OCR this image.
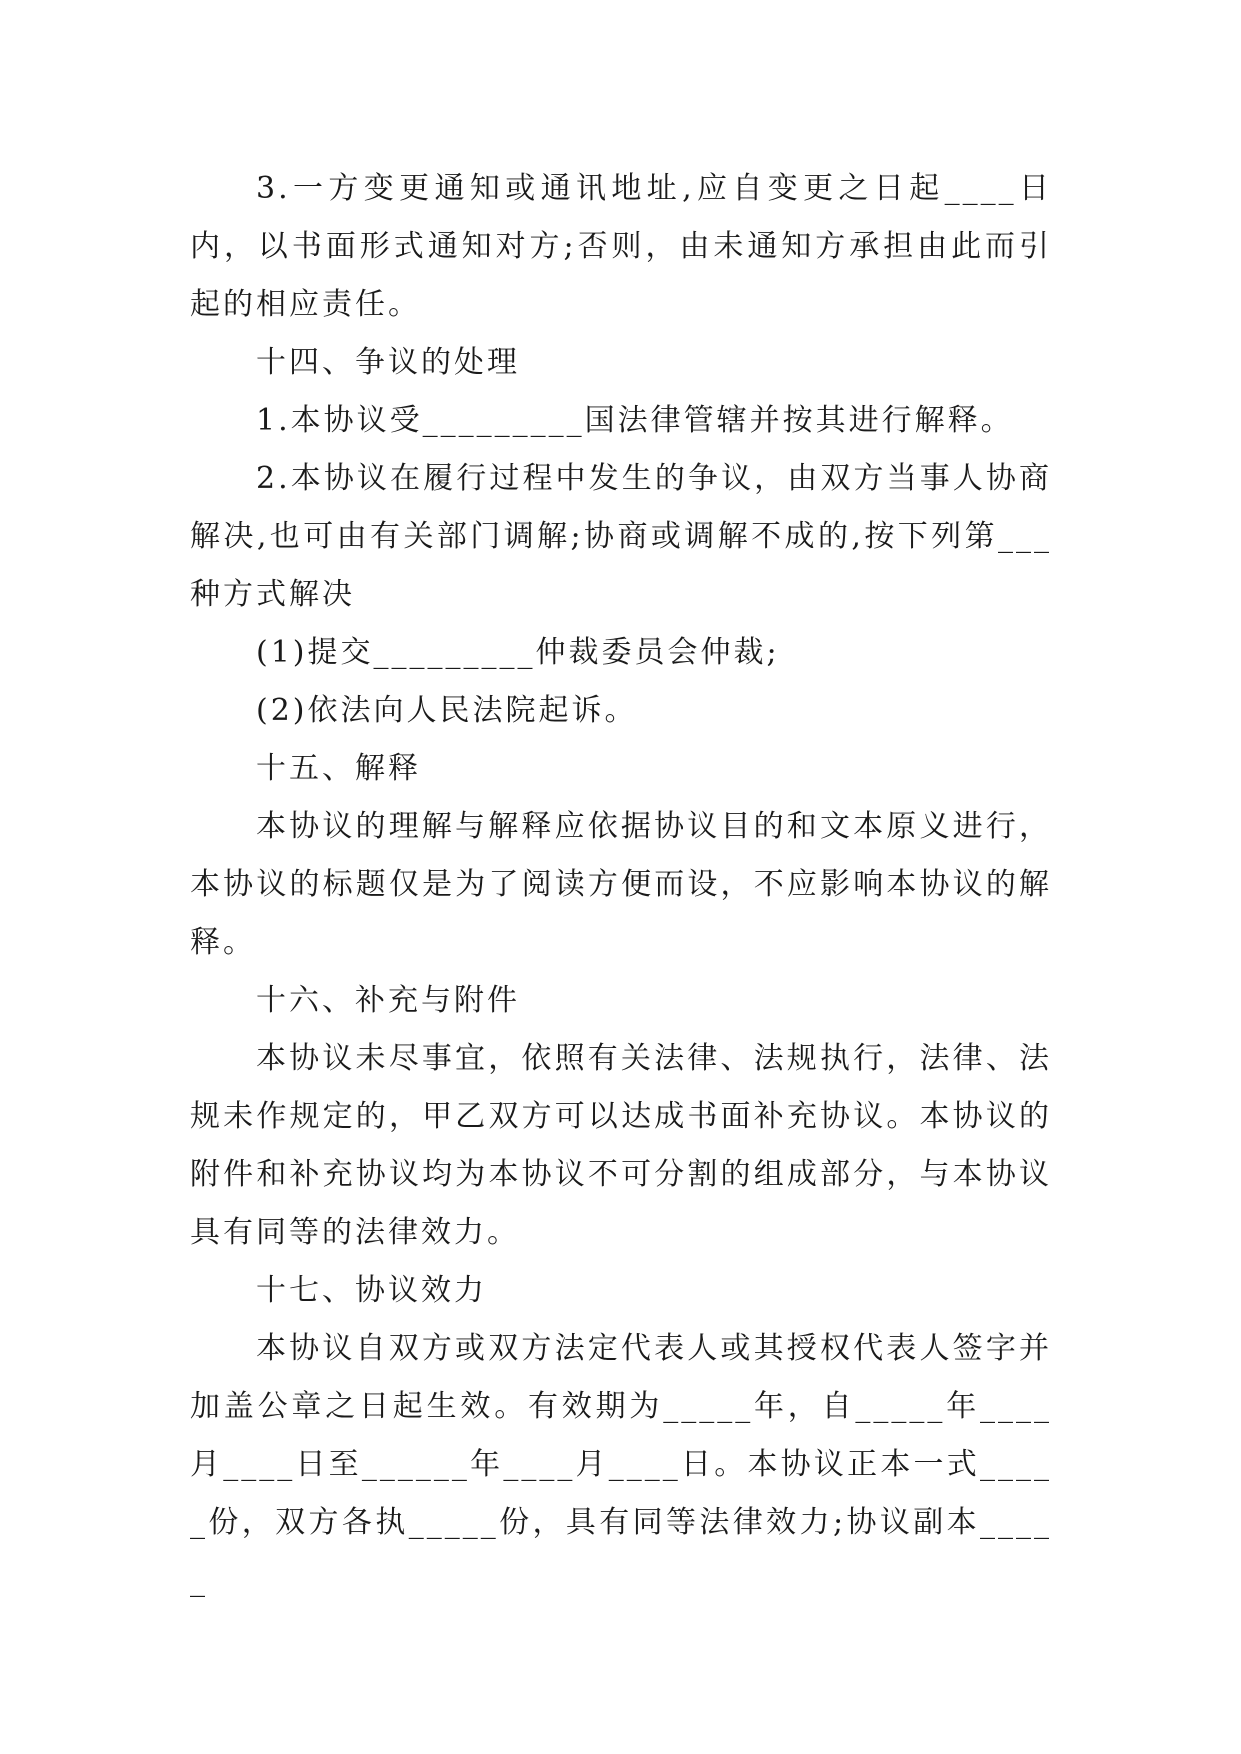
3.一方变更通知或通讯地址,应自变更之日起____日内，以书面形式通知对方;否则，由未通知方承担由此而引起的相应责任。

十四、争议的处理

1.本协议受_________国法律管辖并按其进行解释。

2.本协议在履行过程中发生的争议，由双方当事人协商解决,也可由有关部门调解;协商或调解不成的,按下列第___种方式解决

(1)提交_________仲裁委员会仲裁;

(2)依法向人民法院起诉。

十五、解释

本协议的理解与解释应依据协议目的和文本原义进行，本协议的标题仅是为了阅读方便而设，不应影响本协议的解释。

十六、补充与附件

本协议未尽事宜，依照有关法律、法规执行，法律、法规未作规定的，甲乙双方可以达成书面补充协议。本协议的附件和补充协议均为本协议不可分割的组成部分，与本协议具有同等的法律效力。

十七、协议效力

本协议自双方或双方法定代表人或其授权代表人签字并加盖公章之日起生效。有效期为_____年，自_____年____月____日至______年____月____日。本协议正本一式_____份，双方各执_____份，具有同等法律效力;协议副本_____
